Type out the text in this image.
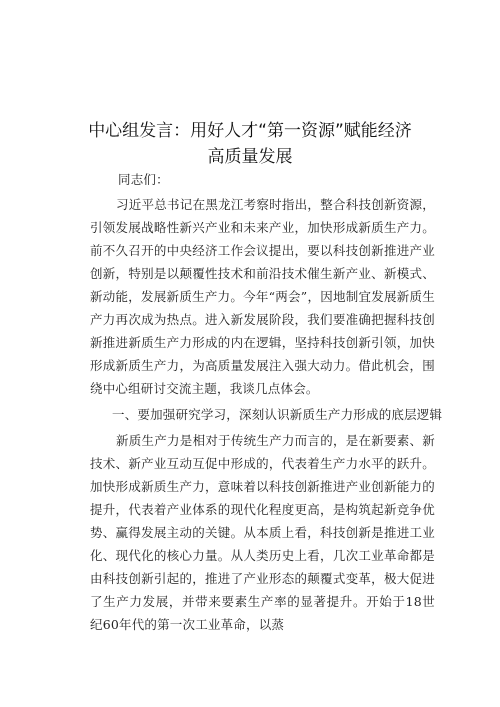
中心组发言：用好人才“第一资源”赋能经济
高质量发展

同志们：

习近平总书记在黑龙江考察时指出，整合科技创新资源，引领发展战略性新兴产业和未来产业，加快形成新质生产力。前不久召开的中央经济工作会议提出，要以科技创新推进产业创新，特别是以颠覆性技术和前沿技术催生新产业、新模式、新动能，发展新质生产力。今年“两会”，因地制宜发展新质生产力再次成为热点。进入新发展阶段，我们要准确把握科技创新推进新质生产力形成的内在逻辑，坚持科技创新引领，加快形成新质生产力，为高质量发展注入强大动力。借此机会，围绕中心组研讨交流主题，我谈几点体会。

一、要加强研究学习，深刻认识新质生产力形成的底层逻辑

新质生产力是相对于传统生产力而言的，是在新要素、新技术、新产业互动互促中形成的，代表着生产力水平的跃升。加快形成新质生产力，意味着以科技创新推进产业创新能力的提升，代表着产业体系的现代化程度更高，是构筑起新竞争优势、赢得发展主动的关键。从本质上看，科技创新是推进工业化、现代化的核心力量。从人类历史上看，几次工业革命都是由科技创新引起的，推进了产业形态的颠覆式变革，极大促进了生产力发展，并带来要素生产率的显著提升。开始于18世纪60年代的第一次工业革命，以蒸
